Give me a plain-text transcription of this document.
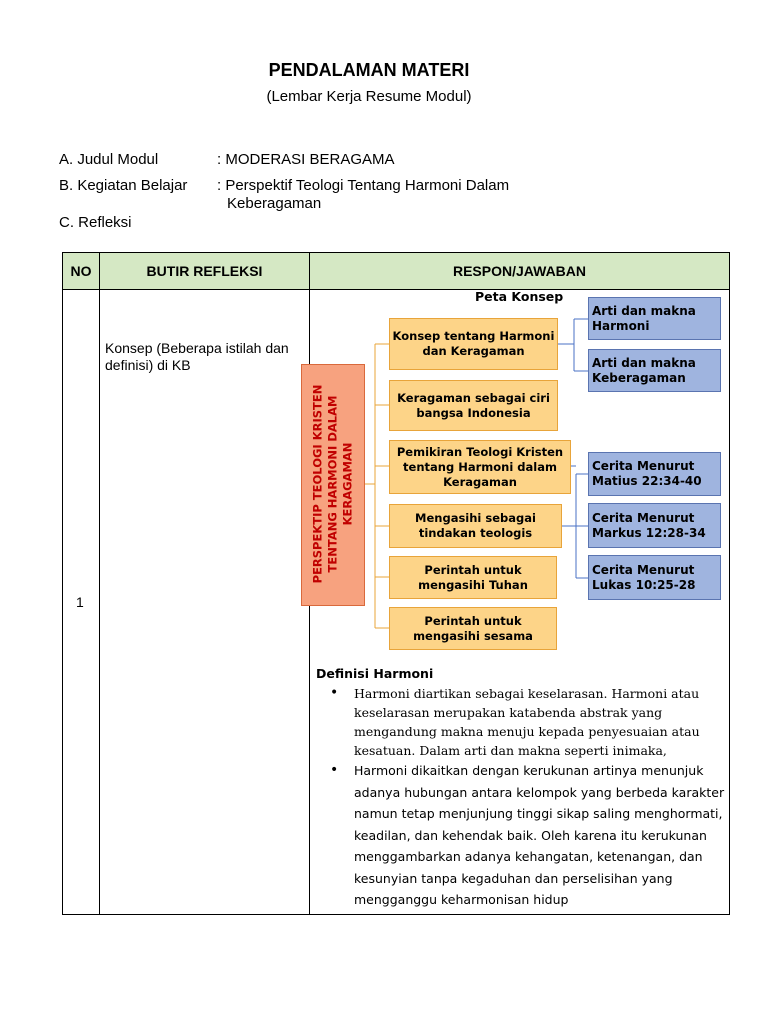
PENDALAMAN MATERI
(Lembar Kerja Resume Modul)
A. Judul Modul	: MODERASI BERAGAMA
B. Kegiatan Belajar : Perspektif Teologi Tentang Harmoni Dalam
Keberagaman
C. Refleksi
NO	BUTIR REFLEKSI	RESPON/JAWABAN

1
Konsep (Beberapa istilah dan definisi) di KB
Peta Konsep
PERSPEKTIP TEOLOGI KRISTEN TENTANG HARMONI DALAM KERAGAMAN
Konsep tentang Harmoni dan Keragaman
Keragaman sebagai ciri bangsa Indonesia
Pemikiran Teologi Kristen tentang Harmoni dalam Keragaman
Mengasihi sebagai tindakan teologis
Perintah untuk mengasihi Tuhan
Perintah untuk mengasihi sesama
Arti dan makna Harmoni
Arti dan makna Keberagaman
Cerita Menurut Matius 22:34-40
Cerita Menurut Markus 12:28-34
Cerita Menurut Lukas 10:25-28
Definisi Harmoni
• Harmoni diartikan sebagai keselarasan. Harmoni atau keselarasan merupakan katabenda abstrak yang mengandung makna menuju kepada penyesuaian atau kesatuan. Dalam arti dan makna seperti inimaka,
• Harmoni dikaitkan dengan kerukunan artinya menunjuk adanya hubungan antara kelompok yang berbeda karakter namun tetap menjunjung tinggi sikap saling menghormati, keadilan, dan kehendak baik. Oleh karena itu kerukunan menggambarkan adanya kehangatan, ketenangan, dan kesunyian tanpa kegaduhan dan perselisihan yang mengganggu keharmonisan hidup
